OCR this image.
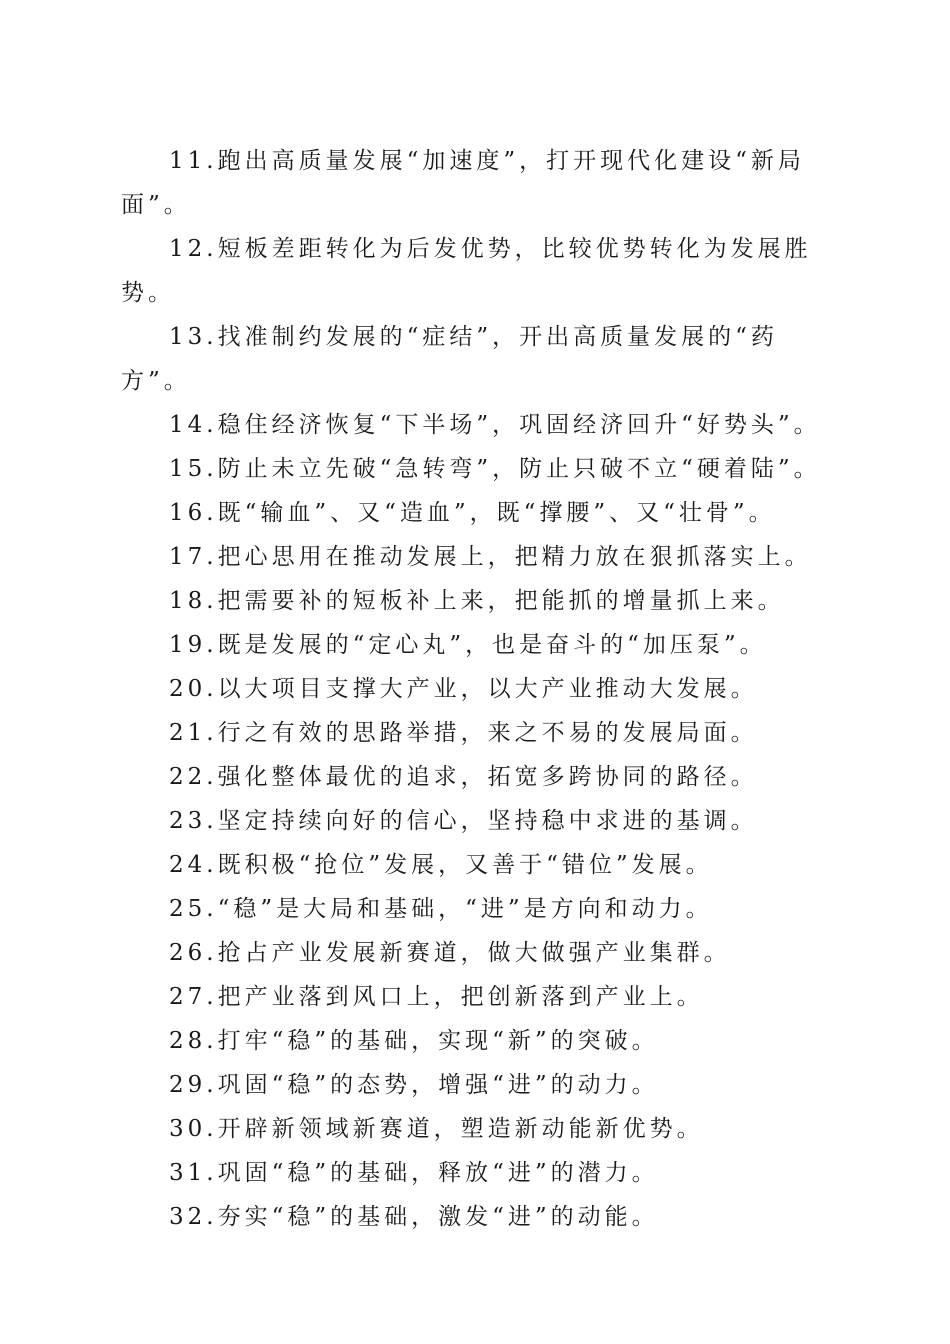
11.跑出高质量发展“加速度”，打开现代化建设“新局面”。

12.短板差距转化为后发优势，比较优势转化为发展胜势。

13.找准制约发展的“症结”，开出高质量发展的“药方”。

14.稳住经济恢复“下半场”，巩固经济回升“好势头”。

15.防止未立先破“急转弯”，防止只破不立“硬着陆”。

16.既“输血”、又“造血”，既“撑腰”、又“壮骨”。

17.把心思用在推动发展上，把精力放在狠抓落实上。

18.把需要补的短板补上来，把能抓的增量抓上来。

19.既是发展的“定心丸”，也是奋斗的“加压泵”。

20.以大项目支撑大产业，以大产业推动大发展。

21.行之有效的思路举措，来之不易的发展局面。

22.强化整体最优的追求，拓宽多跨协同的路径。

23.坚定持续向好的信心，坚持稳中求进的基调。

24.既积极“抢位”发展，又善于“错位”发展。

25.“稳”是大局和基础，“进”是方向和动力。

26.抢占产业发展新赛道，做大做强产业集群。

27.把产业落到风口上，把创新落到产业上。

28.打牢“稳”的基础，实现“新”的突破。

29.巩固“稳”的态势，增强“进”的动力。

30.开辟新领域新赛道，塑造新动能新优势。

31.巩固“稳”的基础，释放“进”的潜力。

32.夯实“稳”的基础，激发“进”的动能。
